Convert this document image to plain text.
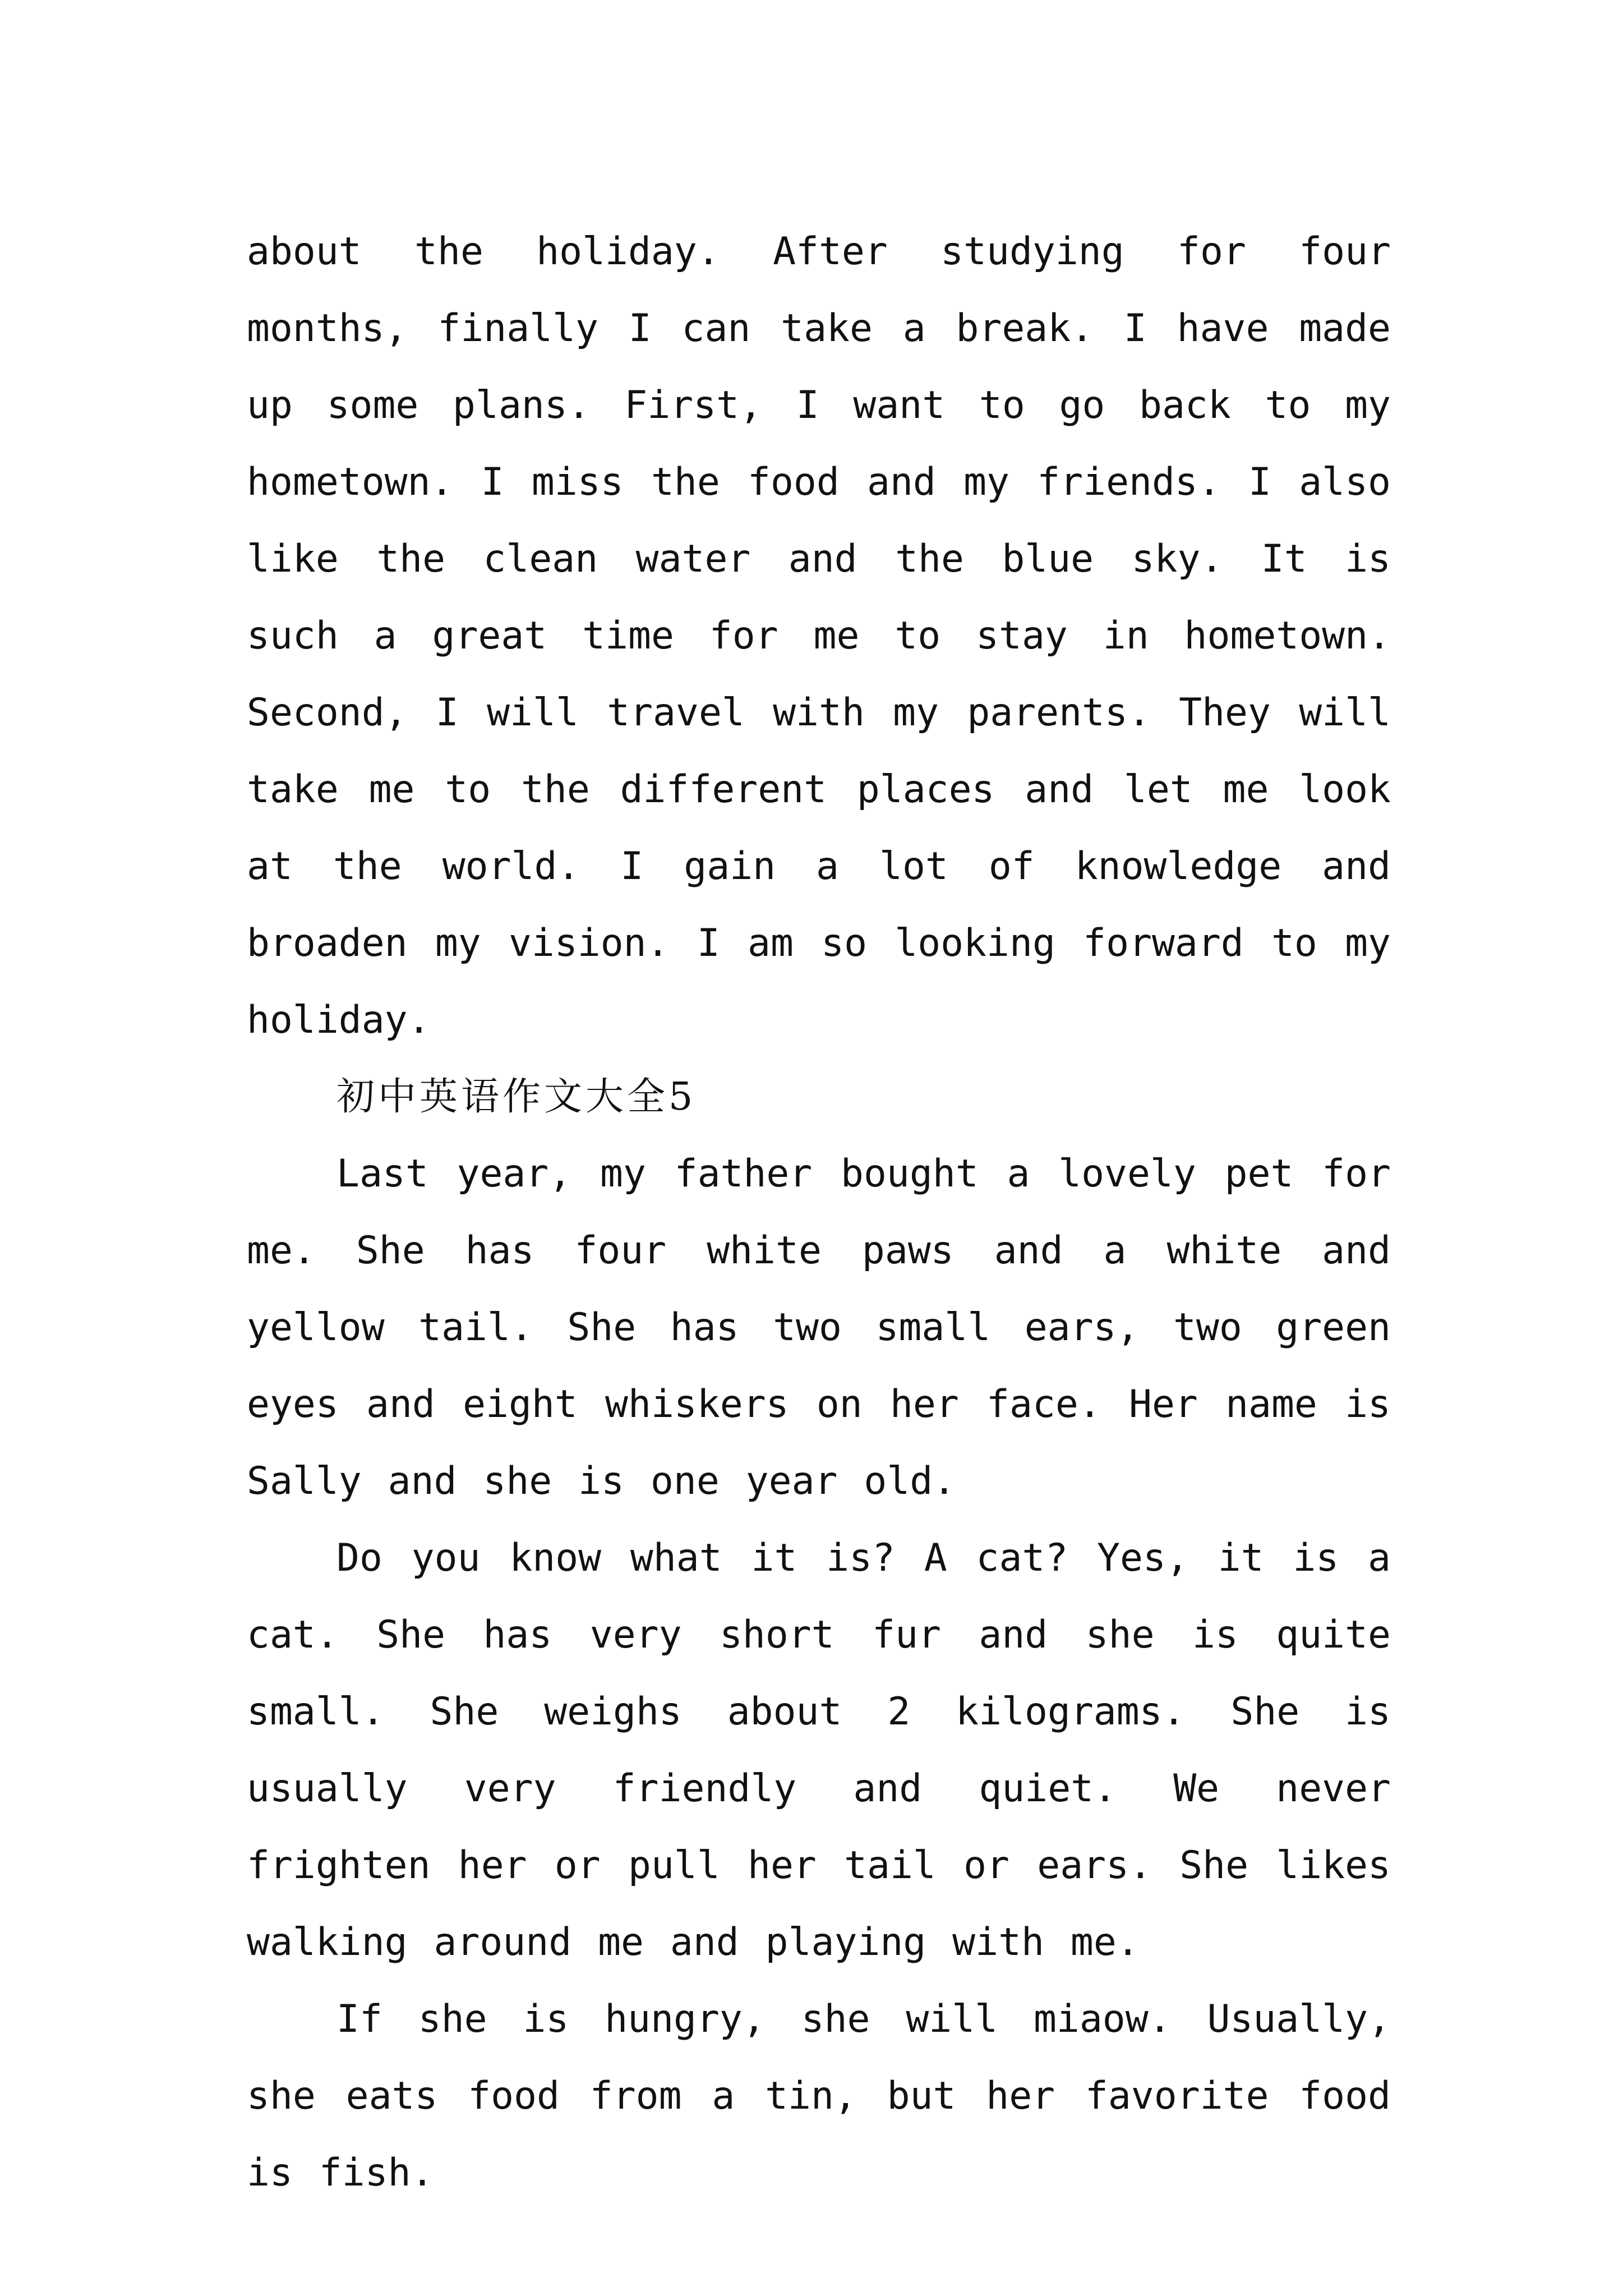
about the holiday. After studying for four months, finally I can take a break. I have made up some plans. First, I want to go back to my hometown. I miss the food and my friends. I also like the clean water and the blue sky. It is such a great time for me to stay in hometown. Second, I will travel with my parents. They will take me to the different places and let me look at the world. I gain a lot of knowledge and broaden my vision. I am so looking forward to my holiday.

初中英语作文大全5

Last year, my father bought a lovely pet for me. She has four white paws and a white and yellow tail. She has two small ears, two green eyes and eight whiskers on her face. Her name is Sally and she is one year old.

Do you know what it is? A cat? Yes, it is a cat. She has very short fur and she is quite small. She weighs about 2 kilograms. She is usually very friendly and quiet. We never frighten her or pull her tail or ears. She likes walking around me and playing with me.

If she is hungry, she will miaow. Usually, she eats food from a tin, but her favorite food is fish.
